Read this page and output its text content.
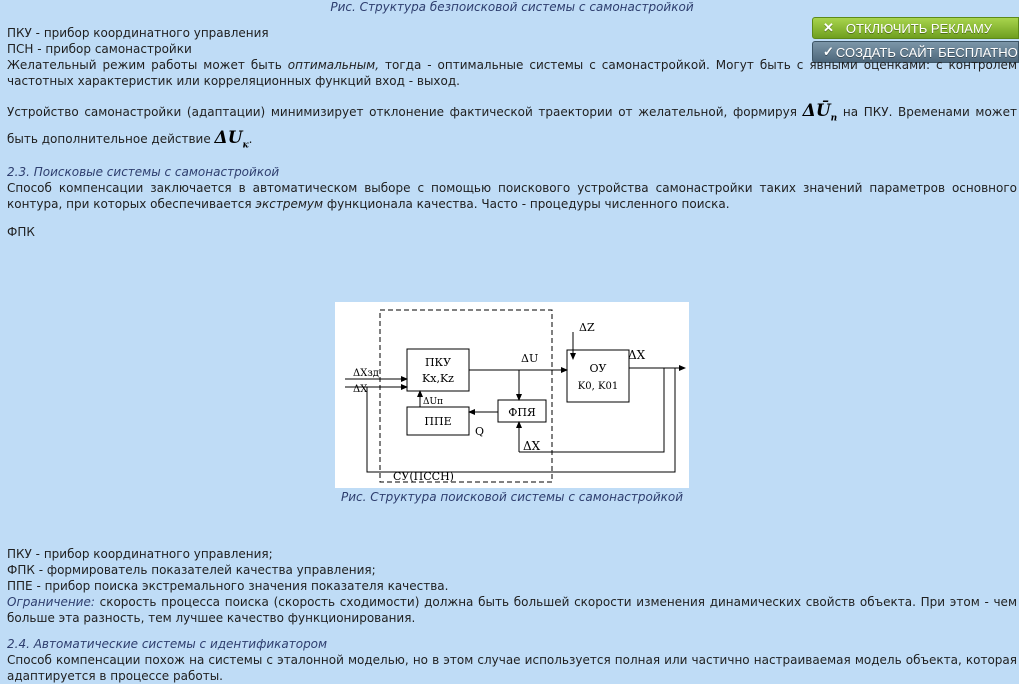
✕ ОТКЛЮЧИТЬ РЕКЛАМУ
✓ СОЗДАТЬ САЙТ БЕСПЛАТНО
Рис. Структура безпоисковой системы с самонастройкой

ПКУ - прибор координатного управления

ПСН - прибор самонастройки

Желательный режим работы может быть оптимальным, тогда - оптимальные системы с самонастройкой. Могут быть с явными оценками: с контролем частотных характеристик или корреляционных функций вход - выход.

Устройство самонастройки (адаптации) минимизирует отклонение фактической траектории от желательной, формируя $\Delta Ū_п$ на ПКУ. Временами может быть дополнительное действие $\Delta U_к$.

2.3. Поисковые системы с самонастройкой

Способ компенсации заключается в автоматическом выборе с помощью поискового устройства самонастройки таких значений параметров основного контура, при которых обеспечивается экстремум функционала качества. Часто - процедуры численного поиска.

ФПК

ПКУ
Kx,Kz
ОУ
K0, K01
ППЕ
ФПЯ
Q
ΔZ
ΔU	ΔX
ΔX
ΔXзд
ΔX
ΔUп
СУ(ПССН)
Рис. Структура поисковой системы с самонастройкой

ПКУ - прибор координатного управления;

ФПК - формирователь показателей качества управления;

ППЕ - прибор поиска экстремального значения показателя качества.

Ограничение: скорость процесса поиска (скорость сходимости) должна быть большей скорости изменения динамических свойств объекта. При этом - чем больше эта разность, тем лучшее качество функционирования.

2.4. Автоматические системы с идентификатором

Способ компенсации похож на системы с эталонной моделью, но в этом случае используется полная или частично настраиваемая модель объекта, которая адаптируется в процессе работы.
